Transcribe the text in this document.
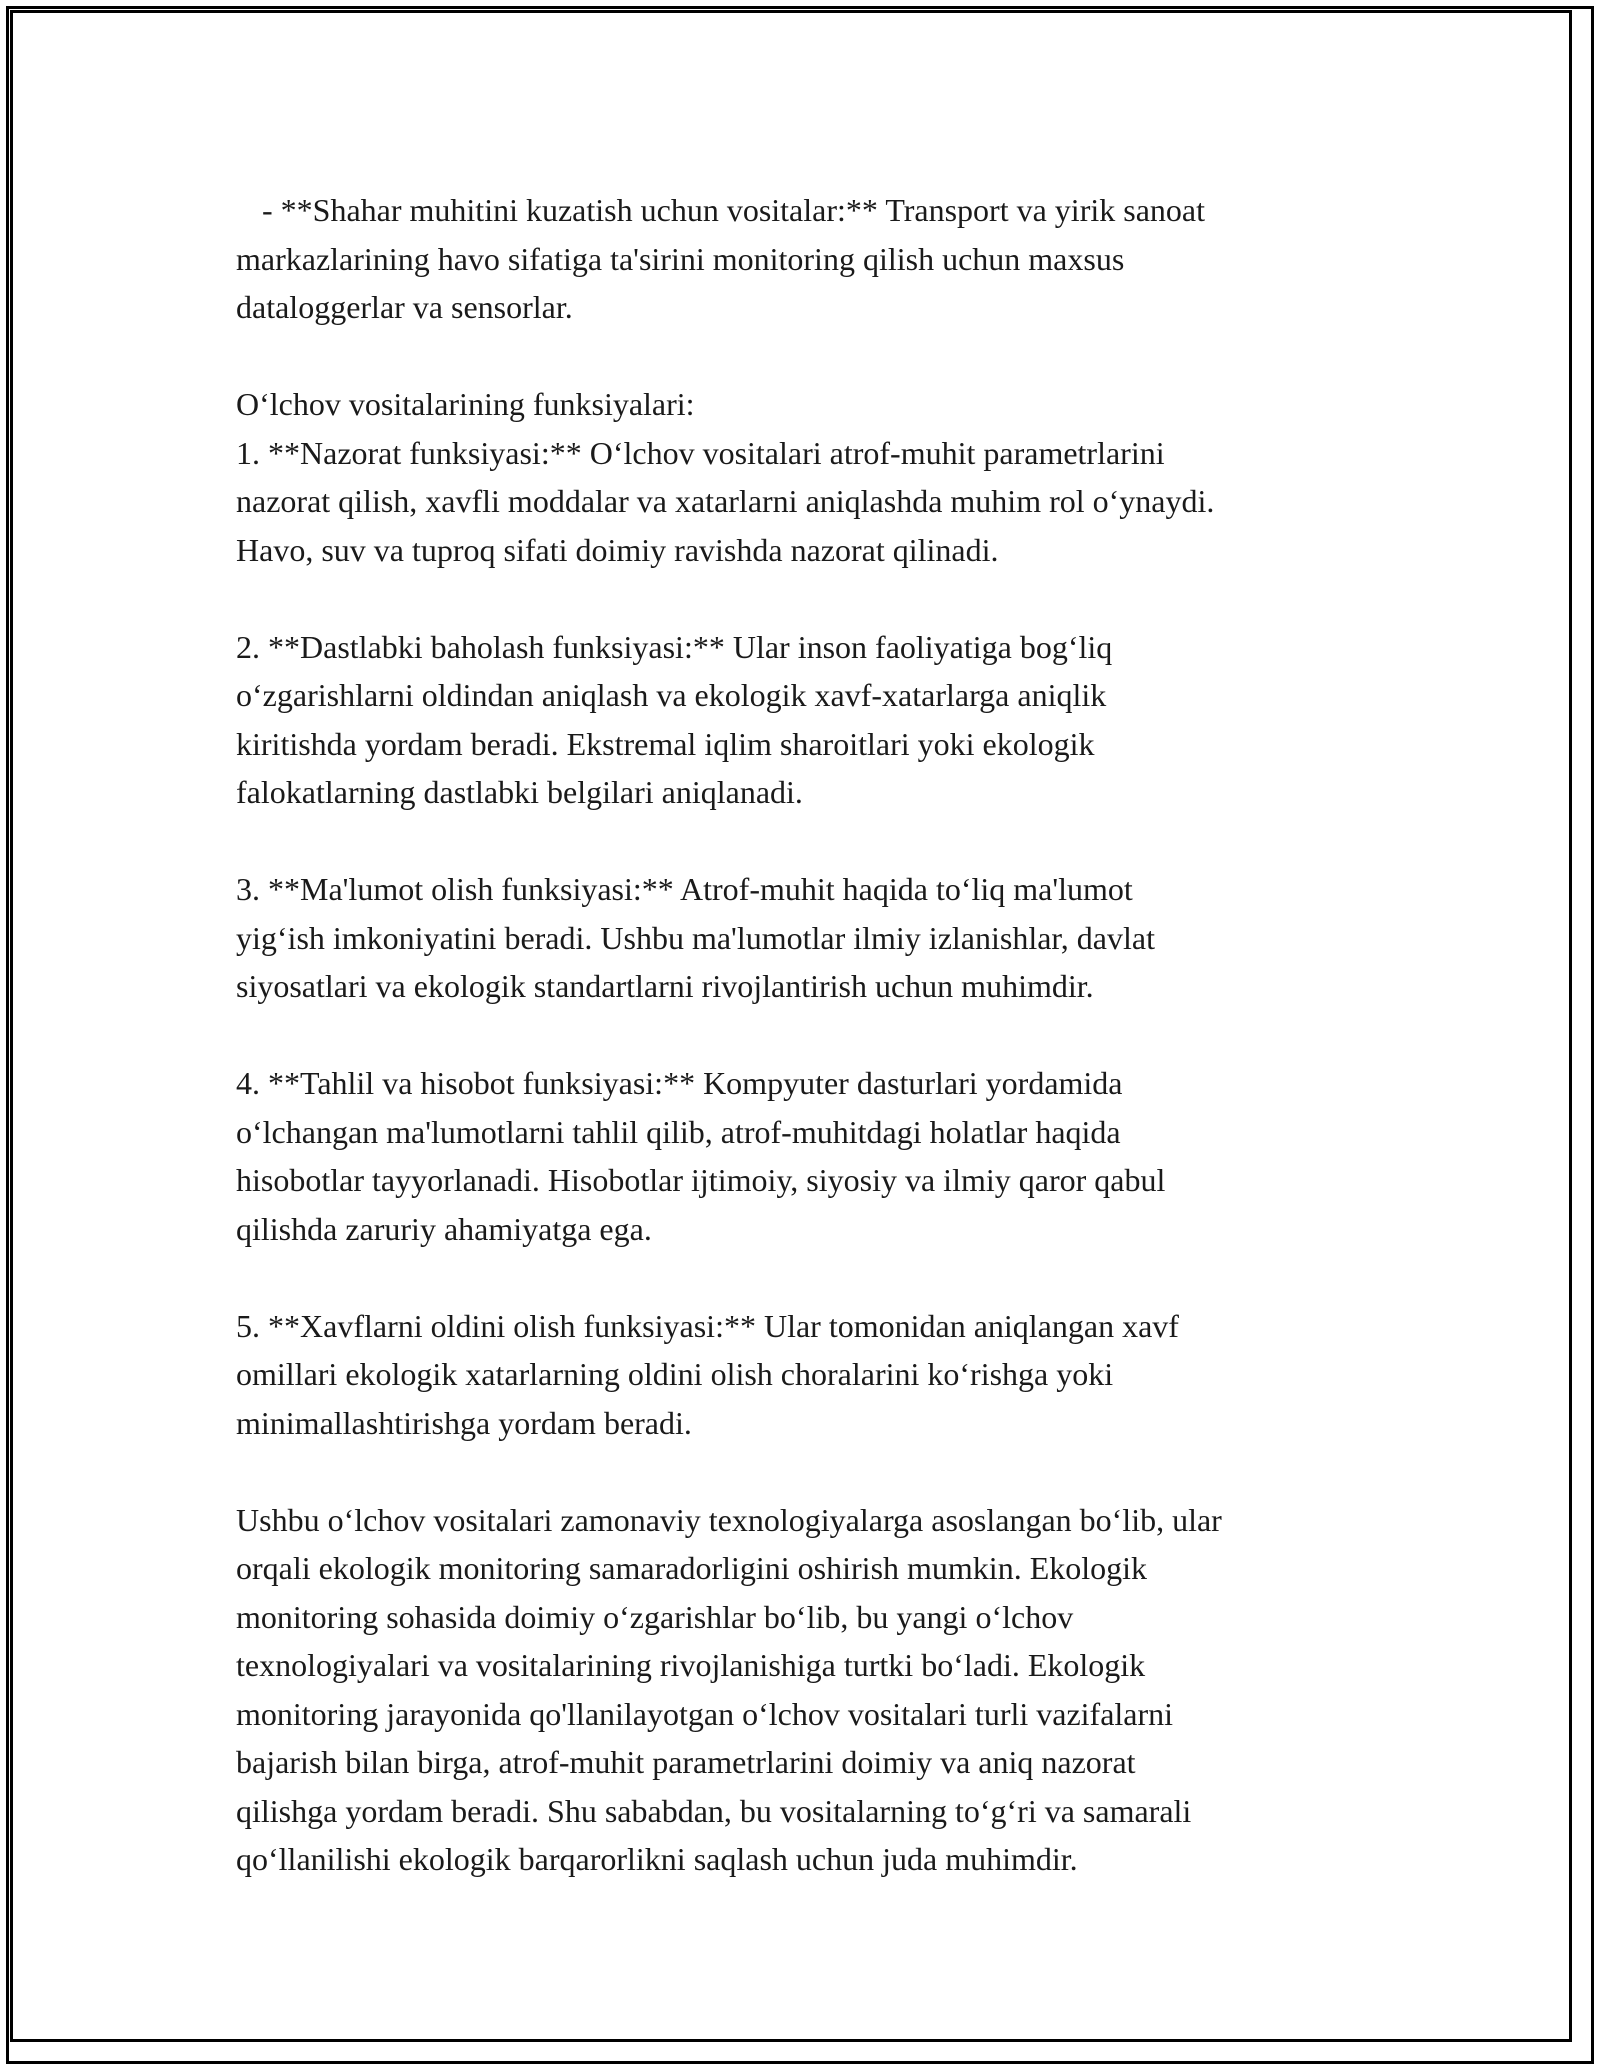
- **Shahar muhitini kuzatish uchun vositalar:** Transport va yirik sanoat
markazlarining havo sifatiga ta'sirini monitoring qilish uchun maxsus
dataloggerlar va sensorlar.
O‘lchov vositalarining funksiyalari:
1. **Nazorat funksiyasi:** O‘lchov vositalari atrof-muhit parametrlarini
nazorat qilish, xavfli moddalar va xatarlarni aniqlashda muhim rol o‘ynaydi.
Havo, suv va tuproq sifati doimiy ravishda nazorat qilinadi.
2. **Dastlabki baholash funksiyasi:** Ular inson faoliyatiga bog‘liq
o‘zgarishlarni oldindan aniqlash va ekologik xavf-xatarlarga aniqlik
kiritishda yordam beradi. Ekstremal iqlim sharoitlari yoki ekologik
falokatlarning dastlabki belgilari aniqlanadi.
3. **Ma'lumot olish funksiyasi:** Atrof-muhit haqida to‘liq ma'lumot
yig‘ish imkoniyatini beradi. Ushbu ma'lumotlar ilmiy izlanishlar, davlat
siyosatlari va ekologik standartlarni rivojlantirish uchun muhimdir.
4. **Tahlil va hisobot funksiyasi:** Kompyuter dasturlari yordamida
o‘lchangan ma'lumotlarni tahlil qilib, atrof-muhitdagi holatlar haqida
hisobotlar tayyorlanadi. Hisobotlar ijtimoiy, siyosiy va ilmiy qaror qabul
qilishda zaruriy ahamiyatga ega.
5. **Xavflarni oldini olish funksiyasi:** Ular tomonidan aniqlangan xavf
omillari ekologik xatarlarning oldini olish choralarini ko‘rishga yoki
minimallashtirishga yordam beradi.
Ushbu o‘lchov vositalari zamonaviy texnologiyalarga asoslangan bo‘lib, ular
orqali ekologik monitoring samaradorligini oshirish mumkin. Ekologik
monitoring sohasida doimiy o‘zgarishlar bo‘lib, bu yangi o‘lchov
texnologiyalari va vositalarining rivojlanishiga turtki bo‘ladi. Ekologik
monitoring jarayonida qo'llanilayotgan o‘lchov vositalari turli vazifalarni
bajarish bilan birga, atrof-muhit parametrlarini doimiy va aniq nazorat
qilishga yordam beradi. Shu sababdan, bu vositalarning to‘g‘ri va samarali
qo‘llanilishi ekologik barqarorlikni saqlash uchun juda muhimdir.
